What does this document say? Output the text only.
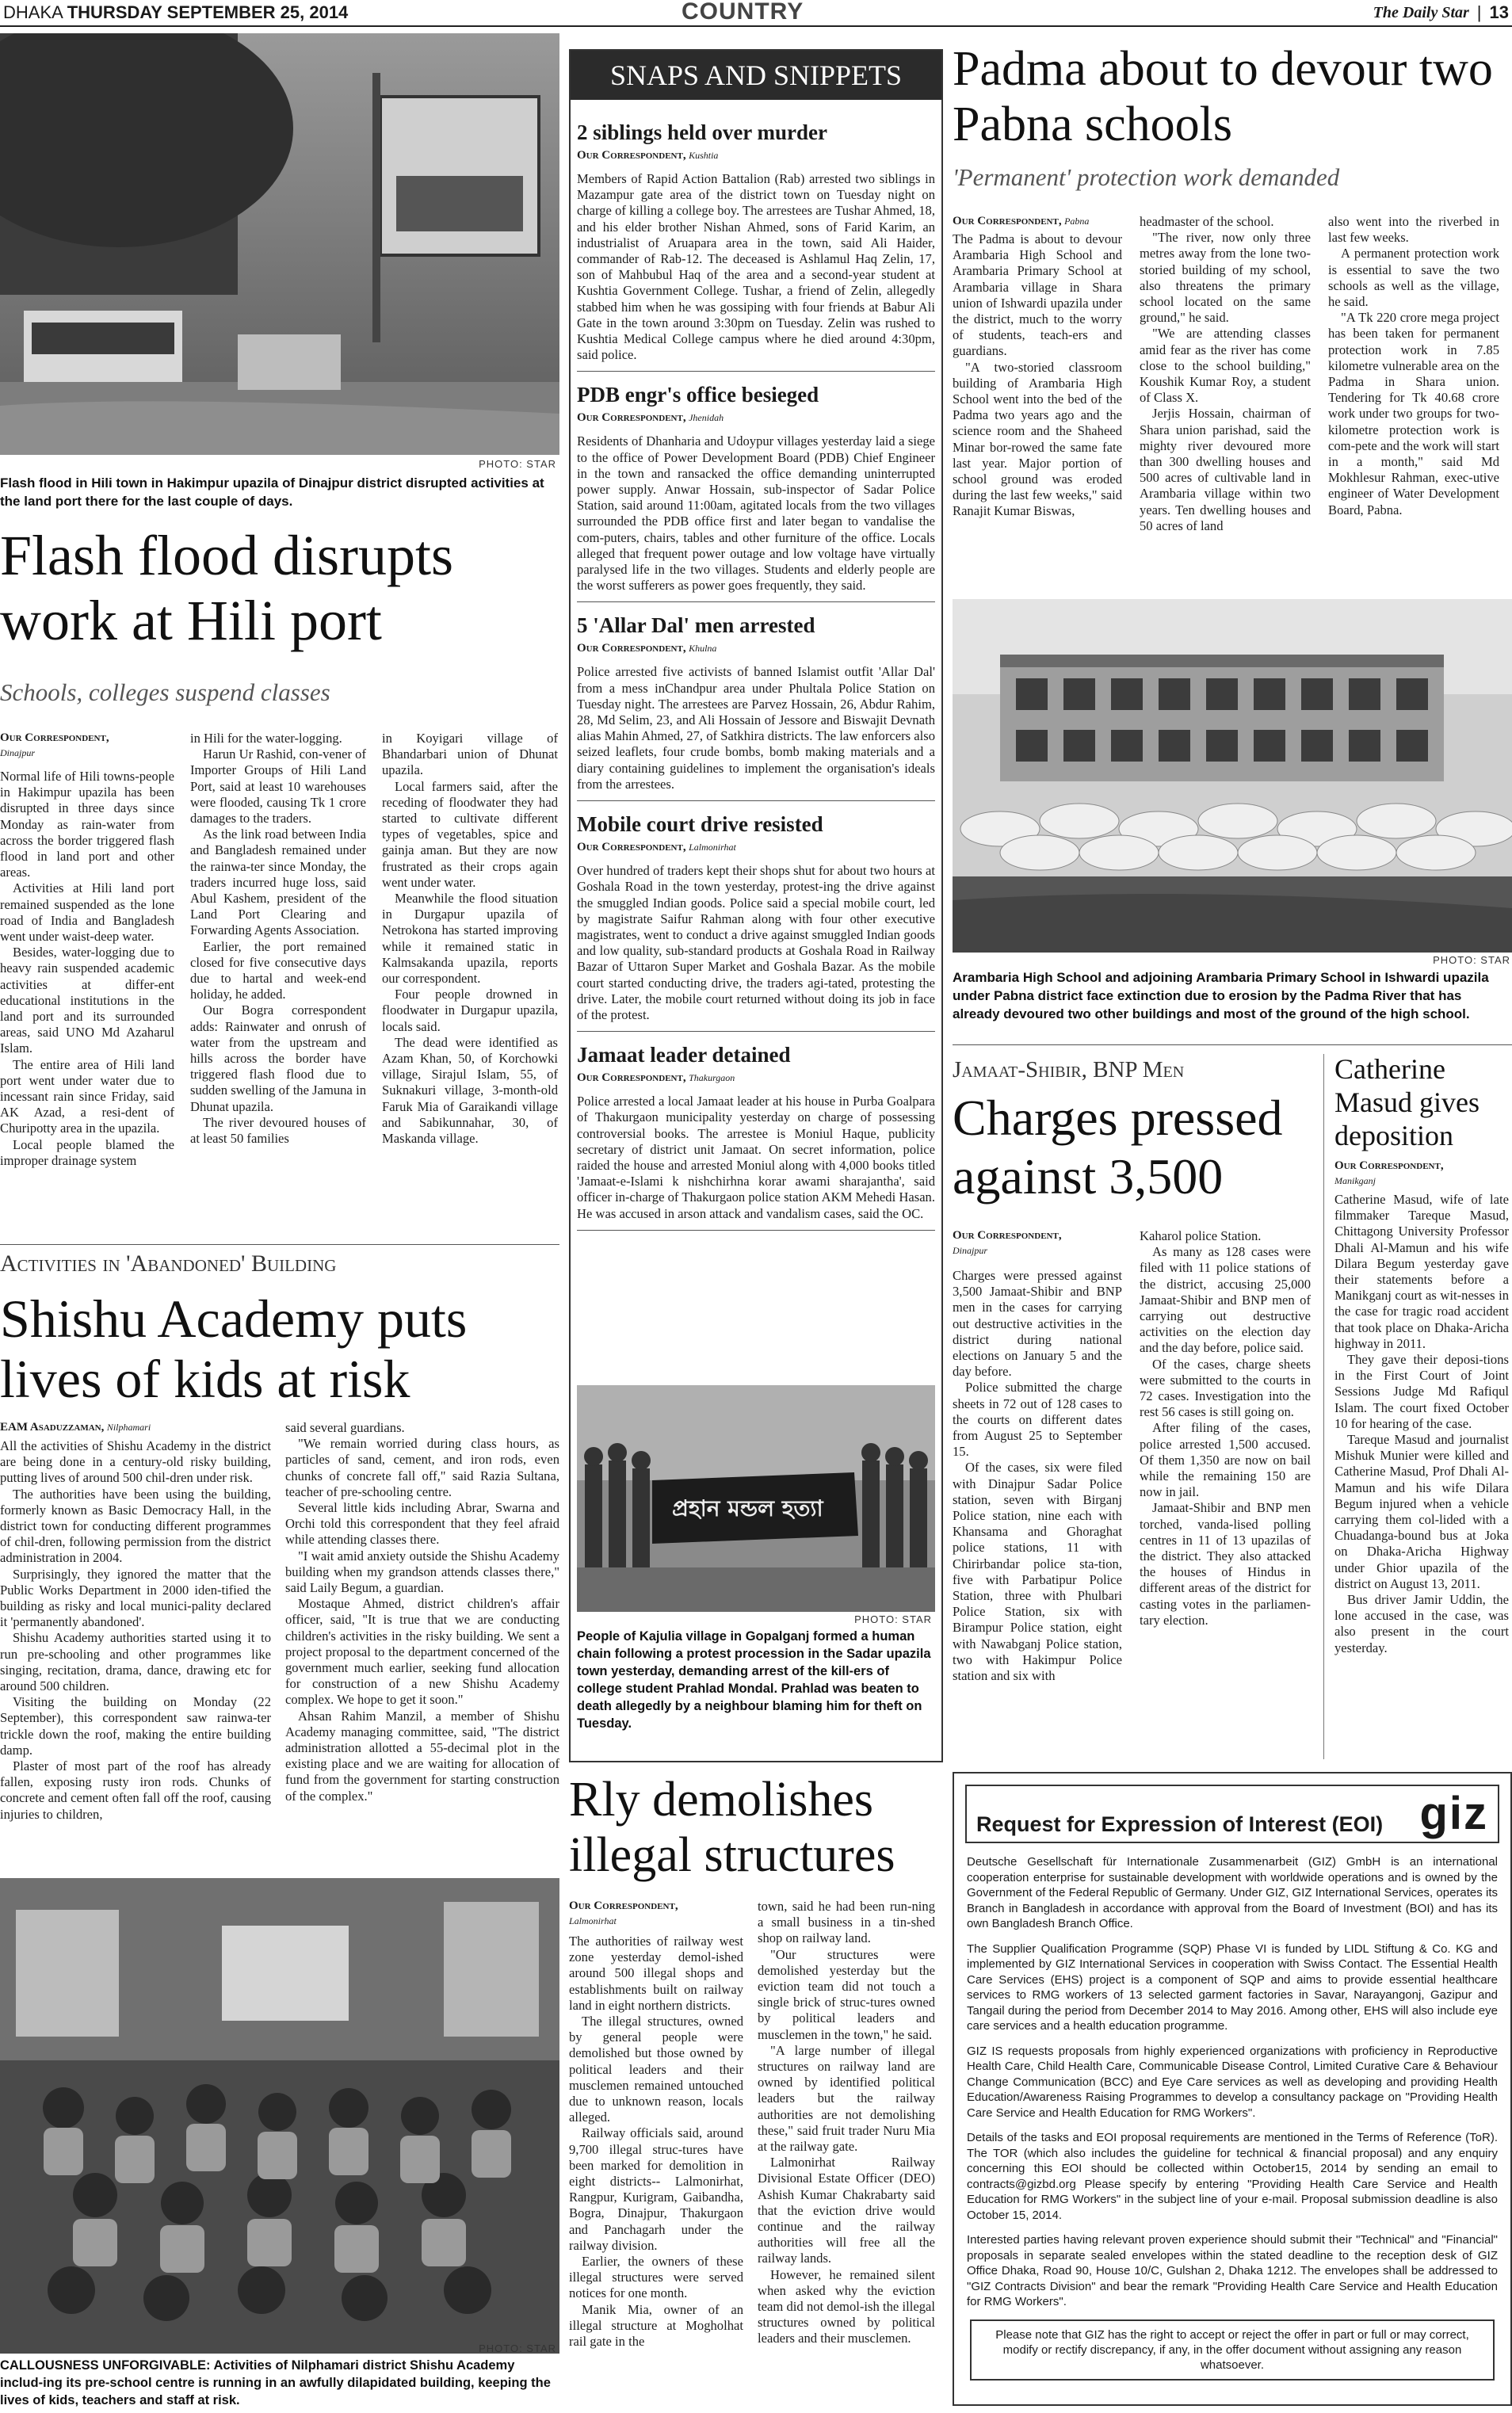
DHAKA THURSDAY SEPTEMBER 25, 2014	COUNTRY	The Daily Star | 13
PHOTO: STAR
Flash flood in Hili town in Hakimpur upazila of Dinajpur district disrupted activities at the land port there for the last couple of days.
Flash flood disrupts work at Hili port
Schools, colleges suspend classes
Our Correspondent,
Dinajpur

Normal life of Hili towns-people in Hakimpur upazila has been disrupted in three days since Monday as rain-water from across the border triggered flash flood in land port and other areas.

Activities at Hili land port remained suspended as the lone road of India and Bangladesh went under waist-deep water.

Besides, water-logging due to heavy rain suspended academic activities at differ-ent educational institutions in the land port and its surrounded areas, said UNO Md Azaharul Islam.

The entire area of Hili land port went under water due to incessant rain since Friday, said AK Azad, a resi-dent of Churipotty area in the upazila.

Local people blamed the improper drainage system

in Hili for the water-logging.

Harun Ur Rashid, con-vener of Importer Groups of Hili Land Port, said at least 10 warehouses were flooded, causing Tk 1 crore damages to the traders.

As the link road between India and Bangladesh remained under the rainwa-ter since Monday, the traders incurred huge loss, said Abul Kashem, president of the Land Port Clearing and Forwarding Agents Association.

Earlier, the port remained closed for five consecutive days due to hartal and week-end holiday, he added.

Our Bogra correspondent adds: Rainwater and onrush of water from the upstream and hills across the border have triggered flash flood due to sudden swelling of the Jamuna in Dhunat upazila.

The river devoured houses of at least 50 families

in Koyigari village of Bhandarbari union of Dhunat upazila.

Local farmers said, after the receding of floodwater they had started to cultivate different types of vegetables, spice and gainja aman. But they are now frustrated as their crops again went under water.

Meanwhile the flood situation in Durgapur upazila of Netrokona has started improving while it remained static in Kalmsakanda upazila, reports our correspondent.

Four people drowned in floodwater in Durgapur upazila, locals said.

The dead were identified as Azam Khan, 50, of Korchowki village, Sirajul Islam, 55, of Suknakuri village, 3-month-old Faruk Mia of Garaikandi village and Sabikunnahar, 30, of Maskanda village.

Activities in 'Abandoned' Building
Shishu Academy puts lives of kids at risk
EAM Asaduzzaman, Nilphamari

All the activities of Shishu Academy in the district are being done in a century-old risky building, putting lives of around 500 chil-dren under risk.

The authorities have been using the building, formerly known as Basic Democracy Hall, in the district town for conducting different programmes of chil-dren, following permission from the district administration in 2004.

Surprisingly, they ignored the matter that the Public Works Department in 2000 iden-tified the building as risky and local munici-pality declared it 'permanently abandoned'.

Shishu Academy authorities started using it to run pre-schooling and other programmes like singing, recitation, drama, dance, drawing etc for around 500 children.

Visiting the building on Monday (22 September), this correspondent saw rainwa-ter trickle down the roof, making the entire building damp.

Plaster of most part of the roof has already fallen, exposing rusty iron rods. Chunks of concrete and cement often fall off the roof, causing injuries to children,

said several guardians.

"We remain worried during class hours, as particles of sand, cement, and iron rods, even chunks of concrete fall off," said Razia Sultana, teacher of pre-schooling centre.

Several little kids including Abrar, Swarna and Orchi told this correspondent that they feel afraid while attending classes there.

"I wait amid anxiety outside the Shishu Academy building when my grandson attends classes there," said Laily Begum, a guardian.

Mostaque Ahmed, district children's affair officer, said, "It is true that we are conducting children's activities in the risky building. We sent a project proposal to the department concerned of the government much earlier, seeking fund allocation for construction of a new Shishu Academy complex. We hope to get it soon."

Ahsan Rahim Manzil, a member of Shishu Academy managing committee, said, "The district administration allotted a 55-decimal plot in the existing place and we are waiting for allocation of fund from the government for starting construction of the complex."

PHOTO: STAR
CALLOUSNESS UNFORGIVABLE: Activities of Nilphamari district Shishu Academy includ-ing its pre-school centre is running in an awfully dilapidated building, keeping the lives of kids, teachers and staff at risk.
SNAPS AND SNIPPETS
2 siblings held over murder
Our Correspondent, Kushtia
Members of Rapid Action Battalion (Rab) arrested two siblings in Mazampur gate area of the district town on Tuesday night on charge of killing a college boy. The arrestees are Tushar Ahmed, 18, and his elder brother Nishan Ahmed, sons of Farid Karim, an industrialist of Aruapara area in the town, said Ali Haider, commander of Rab-12. The deceased is Ashlamul Haq Zelin, 17, son of Mahbubul Haq of the area and a second-year student at Kushtia Government College. Tushar, a friend of Zelin, allegedly stabbed him when he was gossiping with four friends at Babur Ali Gate in the town around 3:30pm on Tuesday. Zelin was rushed to Kushtia Medical College campus where he died around 4:30pm, said police.
PDB engr's office besieged
Our Correspondent, Jhenidah
Residents of Dhanharia and Udoypur villages yesterday laid a siege to the office of Power Development Board (PDB) Chief Engineer in the town and ransacked the office demanding uninterrupted power supply. Anwar Hossain, sub-inspector of Sadar Police Station, said around 11:00am, agitated locals from the two villages surrounded the PDB office first and later began to vandalise the com-puters, chairs, tables and other furniture of the office. Locals alleged that frequent power outage and low voltage have virtually paralysed life in the two villages. Students and elderly people are the worst sufferers as power goes frequently, they said.
5 'Allar Dal' men arrested
Our Correspondent, Khulna
Police arrested five activists of banned Islamist outfit 'Allar Dal' from a mess inChandpur area under Phultala Police Station on Tuesday night. The arrestees are Parvez Hossain, 26, Abdur Rahim, 28, Md Selim, 23, and Ali Hossain of Jessore and Biswajit Devnath alias Mahin Ahmed, 27, of Satkhira districts. The law enforcers also seized leaflets, four crude bombs, bomb making materials and a diary containing guidelines to implement the organisation's ideals from the arrestees.
Mobile court drive resisted
Our Correspondent, Lalmonirhat
Over hundred of traders kept their shops shut for about two hours at Goshala Road in the town yesterday, protest-ing the drive against the smuggled Indian goods. Police said a special mobile court, led by magistrate Saifur Rahman along with four other executive magistrates, went to conduct a drive against smuggled Indian goods and low quality, sub-standard products at Goshala Road in Railway Bazar of Uttaron Super Market and Goshala Bazar. As the mobile court started conducting drive, the traders agi-tated, protesting the drive. Later, the mobile court returned without doing its job in face of the protest.
Jamaat leader detained
Our Correspondent, Thakurgaon
Police arrested a local Jamaat leader at his house in Purba Goalpara of Thakurgaon municipality yesterday on charge of possessing controversial books. The arrestee is Moniul Haque, publicity secretary of district unit Jamaat. On secret information, police raided the house and arrested Moniul along with 4,000 books titled 'Jamaat-e-Islami k nishchirhna korar awami sharajantha', said officer in-charge of Thakurgaon police station AKM Mehedi Hasan. He was accused in arson attack and vandalism cases, said the OC.
প্রহান মন্ডল হত্যা
PHOTO: STAR
People of Kajulia village in Gopalganj formed a human chain following a protest procession in the Sadar upazila town yesterday, demanding arrest of the kill-ers of college student Prahlad Mondal. Prahlad was beaten to death allegedly by a neighbour blaming him for theft on Tuesday.
Padma about to devour two Pabna schools
'Permanent' protection work demanded
Our Correspondent, Pabna

The Padma is about to devour Arambaria High School and Arambaria Primary School at Arambaria village in Shara union of Ishwardi upazila under the district, much to the worry of students, teach-ers and guardians.

"A two-storied classroom building of Arambaria High School went into the bed of the Padma two years ago and the science room and the Shaheed Minar bor-rowed the same fate last year. Major portion of school ground was eroded during the last few weeks," said Ranajit Kumar Biswas,

headmaster of the school.

"The river, now only three metres away from the lone two-storied building of my school, also threatens the primary school located on the same ground," he said.

"We are attending classes amid fear as the river has come close to the school building," Koushik Kumar Roy, a student of Class X.

Jerjis Hossain, chairman of Shara union parishad, said the mighty river devoured more than 300 dwelling houses and 500 acres of cultivable land in Arambaria village within two years. Ten dwelling houses and 50 acres of land

also went into the riverbed in last few weeks.

A permanent protection work is essential to save the two schools as well as the village, he said.

"A Tk 220 crore mega project has been taken for permanent protection work in 7.85 kilometre vulnerable area on the Padma in Shara union. Tendering for Tk 40.68 crore work under two groups for two-kilometre protection work is com-pete and the work will start in a month," said Md Mokhlesur Rahman, exec-utive engineer of Water Development Board, Pabna.

PHOTO: STAR
Arambaria High School and adjoining Arambaria Primary School in Ishwardi upazila under Pabna district face extinction due to erosion by the Padma River that has already devoured two other buildings and most of the ground of the high school.
Jamaat-Shibir, BNP Men
Charges pressed against 3,500
Our Correspondent,
Dinajpur

Charges were pressed against 3,500 Jamaat-Shibir and BNP men in the cases for carrying out destructive activities in the district during national elections on January 5 and the day before.

Police submitted the charge sheets in 72 out of 128 cases to the courts on different dates from August 25 to September 15.

Of the cases, six were filed with Dinajpur Sadar Police station, seven with Birganj Police station, nine each with Khansama and Ghoraghat police stations, 11 with Chirirbandar police sta-tion, five with Parbatipur Police Station, three with Phulbari Police Station, six with Birampur Police station, eight with Nawabganj Police station, two with Hakimpur Police station and six with

Kaharol police Station.

As many as 128 cases were filed with 11 police stations of the district, accusing 25,000 Jamaat-Shibir and BNP men of carrying out destructive activities on the election day and the day before, police said.

Of the cases, charge sheets were submitted to the courts in 72 cases. Investigation into the rest 56 cases is still going on.

After filing of the cases, police arrested 1,500 accused. Of them 1,350 are now on bail while the remaining 150 are now in jail.

Jamaat-Shibir and BNP men torched, vanda-lised polling centres in 11 of 13 upazilas of the district. They also attacked the houses of Hindus in different areas of the district for casting votes in the parliamen-tary election.

Catherine Masud gives deposition
Our Correspondent,
Manikganj

Catherine Masud, wife of late filmmaker Tareque Masud, Chittagong University Professor Dhali Al-Mamun and his wife Dilara Begum yesterday gave their statements before a Manikganj court as wit-nesses in the case for tragic road accident that took place on Dhaka-Aricha highway in 2011.

They gave their deposi-tions in the First Court of Joint Sessions Judge Md Rafiqul Islam. The court fixed October 10 for hearing of the case.

Tareque Masud and journalist Mishuk Munier were killed and Catherine Masud, Prof Dhali Al-Mamun and his wife Dilara Begum injured when a vehicle carrying them col-lided with a Chuadanga-bound bus at Joka on Dhaka-Aricha Highway under Ghior upazila of the district on August 13, 2011.

Bus driver Jamir Uddin, the lone accused in the case, was also present in the court yesterday.

Rly demolishes illegal structures
Our Correspondent,
Lalmonirhat

The authorities of railway west zone yesterday demol-ished around 500 illegal shops and establishments built on railway land in eight northern districts.

The illegal structures, owned by general people were demolished but those owned by political leaders and their musclemen remained untouched due to unknown reason, locals alleged.

Railway officials said, around 9,700 illegal struc-tures have been marked for demolition in eight districts-- Lalmonirhat, Rangpur, Kurigram, Gaibandha, Bogra, Dinajpur, Thakurgaon and Panchagarh under the railway division.

Earlier, the owners of these illegal structures were served notices for one month.

Manik Mia, owner of an illegal structure at Mogholhat rail gate in the

town, said he had been run-ning a small business in a tin-shed shop on railway land.

"Our structures were demolished yesterday but the eviction team did not touch a single brick of struc-tures owned by political leaders and musclemen in the town," he said.

"A large number of illegal structures on railway land are owned by identified political leaders but the railway authorities are not demolishing these," said fruit trader Nuru Mia at the railway gate.

Lalmonirhat Railway Divisional Estate Officer (DEO) Ashish Kumar Chakrabarty said that the eviction drive would continue and the railway authorities will free all the railway lands.

However, he remained silent when asked why the eviction team did not demol-ish the illegal structures owned by political leaders and their musclemen.

Request for Expression of Interest (EOI) giz

Deutsche Gesellschaft für Internationale Zusammenarbeit (GIZ) GmbH is an international cooperation enterprise for sustainable development with worldwide operations and is owned by the Government of the Federal Republic of Germany. Under GIZ, GIZ International Services, operates its Branch in Bangladesh in accordance with approval from the Board of Investment (BOI) and has its own Bangladesh Branch Office.

The Supplier Qualification Programme (SQP) Phase VI is funded by LIDL Stiftung & Co. KG and implemented by GIZ International Services in cooperation with Swiss Contact. The Essential Health Care Services (EHS) project is a component of SQP and aims to provide essential healthcare services to RMG workers of 13 selected garment factories in Savar, Narayangonj, Gazipur and Tangail during the period from December 2014 to May 2016. Among other, EHS will also include eye care services and a health education programme.

GIZ IS requests proposals from highly experienced organizations with proficiency in Reproductive Health Care, Child Health Care, Communicable Disease Control, Limited Curative Care & Behaviour Change Communication (BCC) and Eye Care services as well as developing and providing Health Education/Awareness Raising Programmes to develop a consultancy package on "Providing Health Care Service and Health Education for RMG Workers".

Details of the tasks and EOI proposal requirements are mentioned in the Terms of Reference (ToR). The TOR (which also includes the guideline for technical & financial proposal) and any enquiry concerning this EOI should be collected within October15, 2014 by sending an email to contracts@gizbd.org Please specify by entering "Providing Health Care Service and Health Education for RMG Workers" in the subject line of your e-mail. Proposal submission deadline is also October 15, 2014.

Interested parties having relevant proven experience should submit their "Technical" and "Financial" proposals in separate sealed envelopes within the stated deadline to the reception desk of GIZ Office Dhaka, Road 90, House 10/C, Gulshan 2, Dhaka 1212. The envelopes shall be addressed to "GIZ Contracts Division" and bear the remark "Providing Health Care Service and Health Education for RMG Workers".

Please note that GIZ has the right to accept or reject the offer in part or full or may correct, modify or rectify discrepancy, if any, in the offer document without assigning any reason whatsoever.
